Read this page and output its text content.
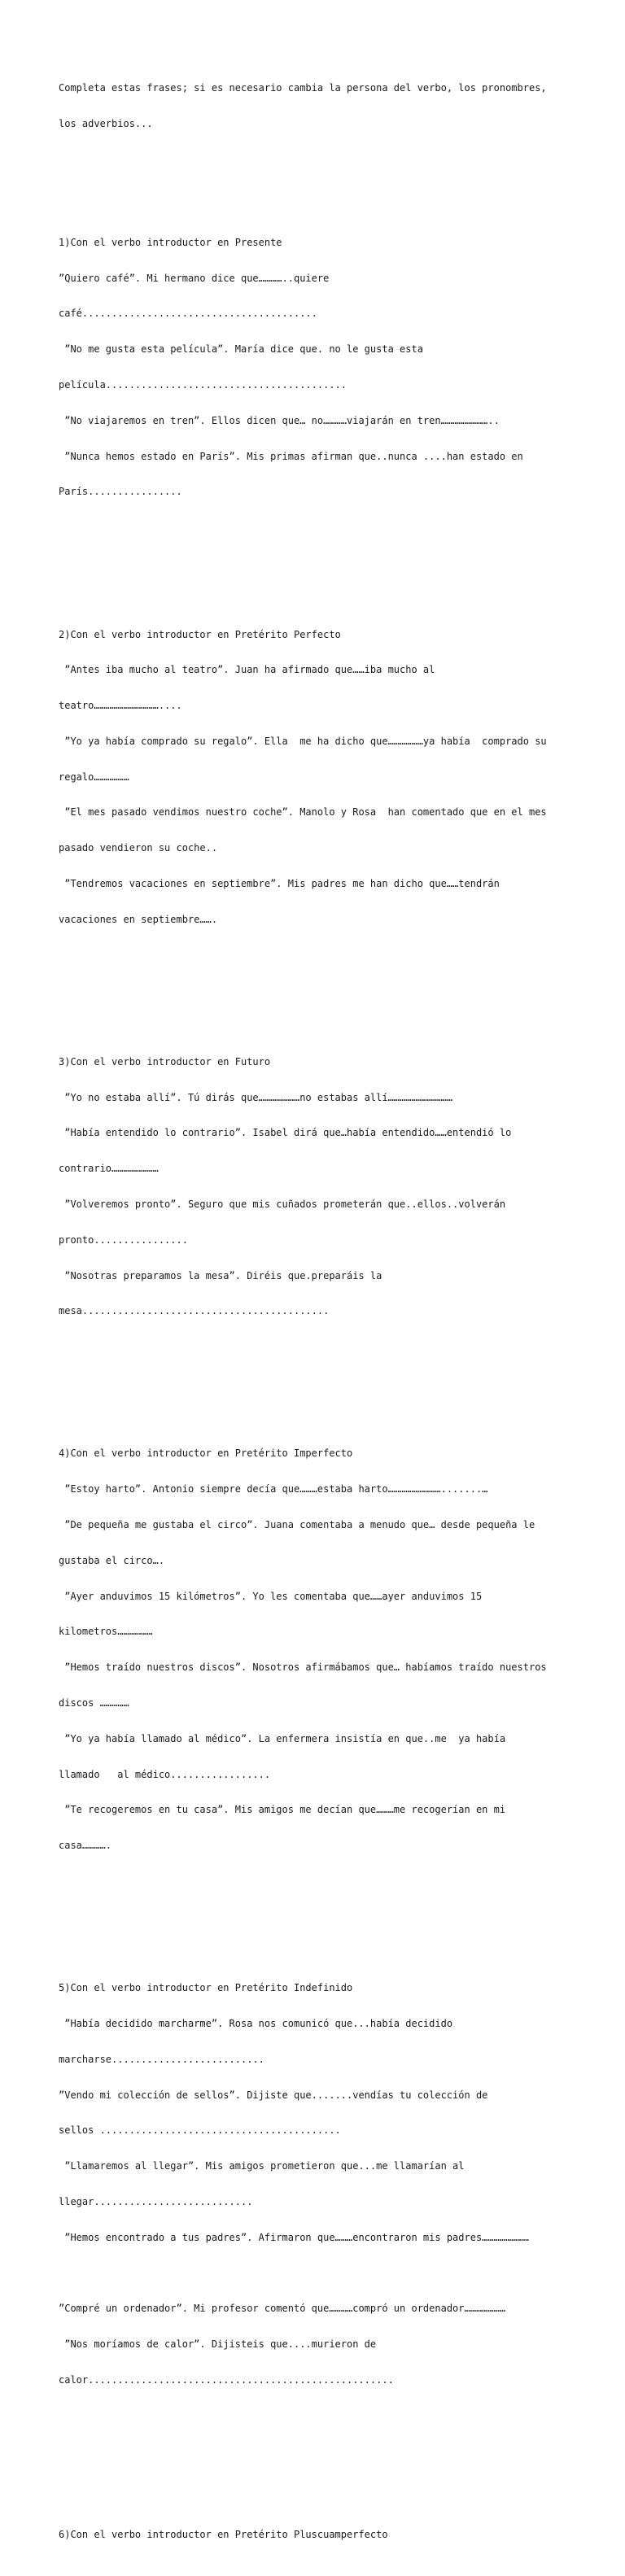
Completa estas frases; si es necesario cambia la persona del verbo, los pronombres,

los adverbios...

1)Con el verbo introductor en Presente

”Quiero café”. Mi hermano dice que…………..quiere

café........................................

”No me gusta esta película”. María dice que. no le gusta esta

película.........................................

”No viajaremos en tren”. Ellos dicen que… no…………viajarán en tren……………………..

”Nunca hemos estado en París”. Mis primas afirman que..nunca ....han estado en

París................

2)Con el verbo introductor en Pretérito Perfecto

”Antes iba mucho al teatro”. Juan ha afirmado que……iba mucho al

teatro……………………………....

”Yo ya había comprado su regalo”. Ella  me ha dicho que………………ya había  comprado su

regalo………………

”El mes pasado vendimos nuestro coche”. Manolo y Rosa  han comentado que en el mes

pasado vendieron su coche..

”Tendremos vacaciones en septiembre”. Mis padres me han dicho que……tendrán

vacaciones en septiembre…….

3)Con el verbo introductor en Futuro

”Yo no estaba allí”. Tú dirás que…………………no estabas allí……………………………

”Había entendido lo contrario”. Isabel dirá que…había entendido……entendió lo

contrario……………………

”Volveremos pronto”. Seguro que mis cuñados prometerán que..ellos..volverán

pronto................

”Nosotras preparamos la mesa”. Diréis que.preparáis la

mesa..........................................

4)Con el verbo introductor en Pretérito Imperfecto

”Estoy harto”. Antonio siempre decía que………estaba harto……………………….......…

”De pequeña me gustaba el circo”. Juana comentaba a menudo que… desde pequeña le

gustaba el circo….

”Ayer anduvimos 15 kilómetros”. Yo les comentaba que……ayer anduvimos 15

kilometros………………

”Hemos traído nuestros discos”. Nosotros afirmábamos que… habíamos traído nuestros

discos ……………

”Yo ya había llamado al médico”. La enfermera insistía en que..me  ya había

llamado   al médico.................

”Te recogeremos en tu casa”. Mis amigos me decían que………me recogerían en mi

casa………….

5)Con el verbo introductor en Pretérito Indefinido

”Había decidido marcharme”. Rosa nos comunicó que...había decidido

marcharse..........................

”Vendo mi colección de sellos”. Dijiste que.......vendías tu colección de

sellos .........................................

”Llamaremos al llegar”. Mis amigos prometieron que...me llamarían al

llegar...........................

”Hemos encontrado a tus padres”. Afirmaron que………encontraron mis padres……………………

”Compré un ordenador”. Mi profesor comentó que…………compró un ordenador…………………

”Nos moríamos de calor”. Dijisteis que....murieron de

calor....................................................

6)Con el verbo introductor en Pretérito Pluscuamperfecto
